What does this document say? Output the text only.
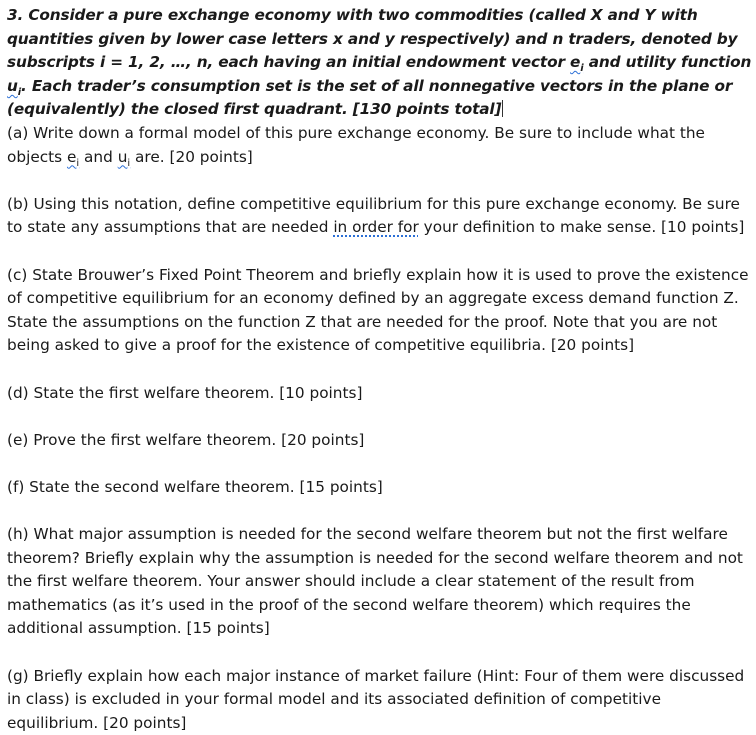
3. Consider a pure exchange economy with two commodities (called X and Y with quantities given by lower case letters x and y respectively) and n traders, denoted by subscripts i = 1, 2, …, n, each having an initial endowment vector $e_i$ and utility function $u_i$. Each trader’s consumption set is the set of all nonnegative vectors in the plane or (equivalently) the closed first quadrant. [130 points total]

(a) Write down a formal model of this pure exchange economy. Be sure to include what the objects $e_i$ and $u_i$ are. [20 points]

(b) Using this notation, define competitive equilibrium for this pure exchange economy. Be sure to state any assumptions that are needed in order for your definition to make sense. [10 points]

(c) State Brouwer’s Fixed Point Theorem and briefly explain how it is used to prove the existence of competitive equilibrium for an economy defined by an aggregate excess demand function Z. State the assumptions on the function Z that are needed for the proof. Note that you are not being asked to give a proof for the existence of competitive equilibria. [20 points]

(d) State the first welfare theorem. [10 points]

(e) Prove the first welfare theorem. [20 points]

(f) State the second welfare theorem. [15 points]

(h) What major assumption is needed for the second welfare theorem but not the first welfare theorem? Briefly explain why the assumption is needed for the second welfare theorem and not the first welfare theorem. Your answer should include a clear statement of the result from mathematics (as it’s used in the proof of the second welfare theorem) which requires the additional assumption. [15 points]

(g) Briefly explain how each major instance of market failure (Hint: Four of them were discussed in class) is excluded in your formal model and its associated definition of competitive equilibrium. [20 points]
